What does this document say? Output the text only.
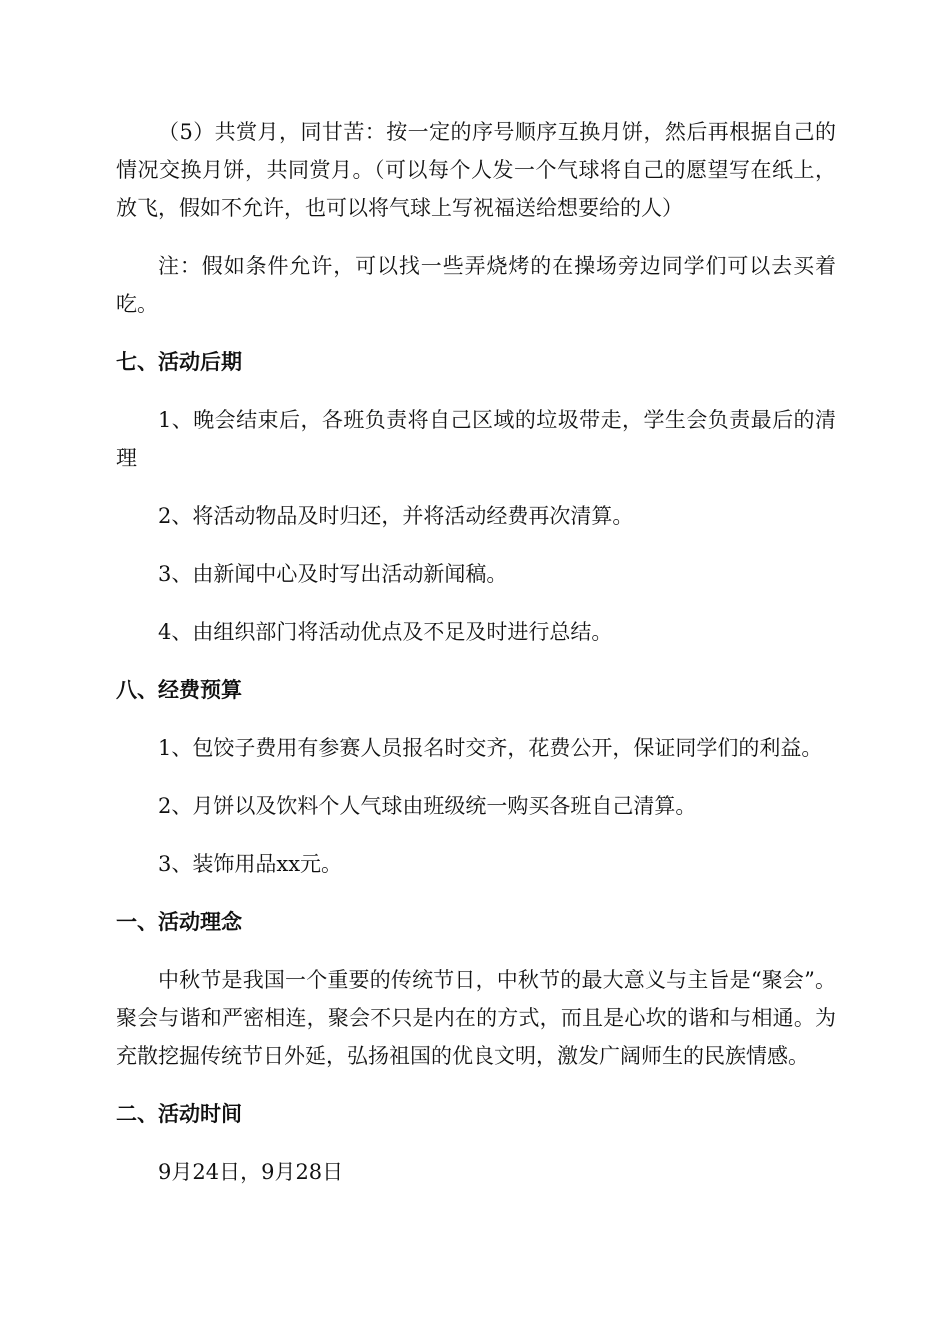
（5）共赏月，同甘苦：按一定的序号顺序互换月饼，然后再根据自己的情况交换月饼，共同赏月。（可以每个人发一个气球将自己的愿望写在纸上，放飞，假如不允许，也可以将气球上写祝福送给想要给的人）

注：假如条件允许，可以找一些弄烧烤的在操场旁边同学们可以去买着吃。

七、活动后期

1、晚会结束后，各班负责将自己区域的垃圾带走，学生会负责最后的清理

2、将活动物品及时归还，并将活动经费再次清算。

3、由新闻中心及时写出活动新闻稿。

4、由组织部门将活动优点及不足及时进行总结。

八、经费预算

1、包饺子费用有参赛人员报名时交齐，花费公开，保证同学们的利益。

2、月饼以及饮料个人气球由班级统一购买各班自己清算。

3、装饰用品xx元。

一、活动理念

中秋节是我国一个重要的传统节日，中秋节的最大意义与主旨是“聚会”。聚会与谐和严密相连，聚会不只是内在的方式，而且是心坎的谐和与相通。为充散挖掘传统节日外延，弘扬祖国的优良文明，激发广阔师生的民族情感。

二、活动时间

9月24日，9月28日
